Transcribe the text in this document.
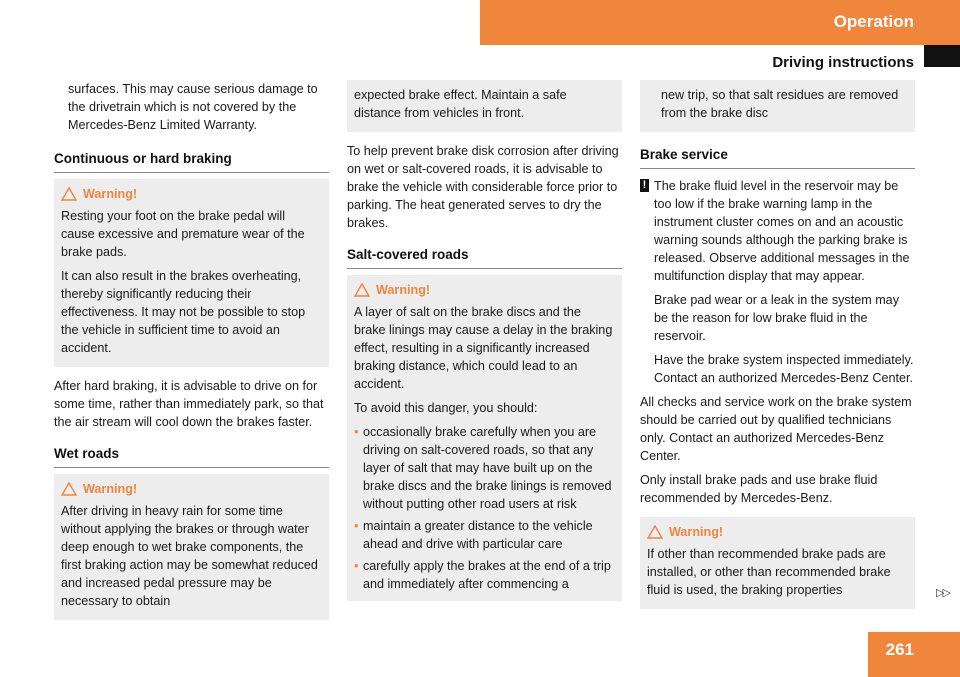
Operation
Driving instructions

surfaces. This may cause serious damage to the drivetrain which is not covered by the Mercedes-Benz Limited Warranty.

Continuous or hard braking
Warning!

Resting your foot on the brake pedal will cause excessive and premature wear of the brake pads.

It can also result in the brakes overheating, thereby significantly reducing their effectiveness. It may not be possible to stop the vehicle in sufficient time to avoid an accident.

After hard braking, it is advisable to drive on for some time, rather than immediately park, so that the air stream will cool down the brakes faster.

Wet roads
Warning!

After driving in heavy rain for some time without applying the brakes or through water deep enough to wet brake components, the first braking action may be somewhat reduced and increased pedal pressure may be necessary to obtain

expected brake effect. Maintain a safe distance from vehicles in front.

To help prevent brake disk corrosion after driving on wet or salt-covered roads, it is advisable to brake the vehicle with considerable force prior to parking. The heat generated serves to dry the brakes.

Salt-covered roads
Warning!

A layer of salt on the brake discs and the brake linings may cause a delay in the braking effect, resulting in a significantly increased braking distance, which could lead to an accident.

To avoid this danger, you should:

• occasionally brake carefully when you are driving on salt-covered roads, so that any layer of salt that may have built up on the brake discs and the brake linings is removed without putting other road users at risk
• maintain a greater distance to the vehicle ahead and drive with particular care
• carefully apply the brakes at the end of a trip and immediately after commencing a

new trip, so that salt residues are removed from the brake disc

Brake service
! The brake fluid level in the reservoir may be too low if the brake warning lamp in the instrument cluster comes on and an acoustic warning sounds although the parking brake is released. Observe additional messages in the multifunction display that may appear.

Brake pad wear or a leak in the system may be the reason for low brake fluid in the reservoir.

Have the brake system inspected immediately. Contact an authorized Mercedes-Benz Center.

All checks and service work on the brake system should be carried out by qualified technicians only. Contact an authorized Mercedes-Benz Center.

Only install brake pads and use brake fluid recommended by Mercedes-Benz.

Warning!

If other than recommended brake pads are installed, or other than recommended brake fluid is used, the braking properties	▷▷
261
